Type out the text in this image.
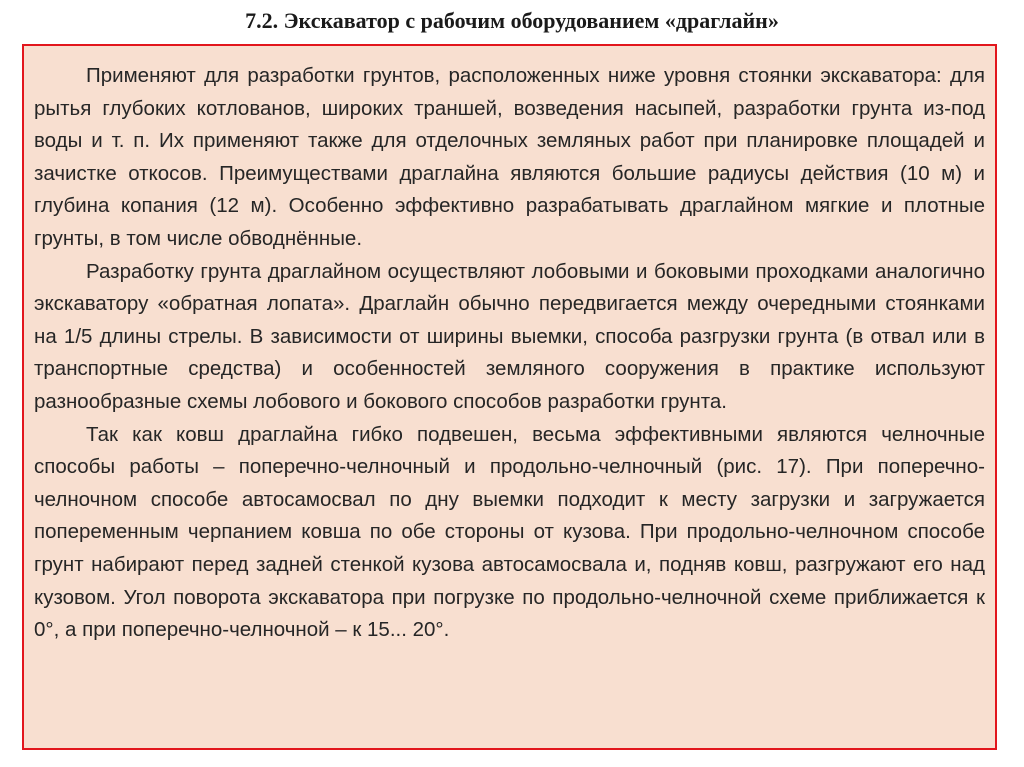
7.2. Экскаватор с рабочим оборудованием «драглайн»

Применяют для разработки грунтов, расположенных ниже уровня стоянки экскаватора: для рытья глубоких котлованов, широких траншей, возведения насыпей, разработки грунта из-под воды и т. п. Их применяют также для отделочных земляных работ при планировке площадей и зачистке откосов. Преимуществами драглайна являются большие радиусы действия (10 м) и глубина копания (12 м). Особенно эффективно разрабатывать драглайном мягкие и плотные грунты, в том числе обводнённые.

Разработку грунта драглайном осуществляют лобовыми и боковыми проходками аналогично экскаватору «обратная лопата». Драглайн обычно передвигается между очередными стоянками на 1/5 длины стрелы. В зависимости от ширины выемки, способа разгрузки грунта (в отвал или в транспортные средства) и особенностей земляного сооружения в практике используют разнообразные схемы лобового и бокового способов разработки грунта.

Так как ковш драглайна гибко подвешен, весьма эффективными являются челночные способы работы – поперечно-челночный и продольно-челночный (рис. 17). При поперечно-челночном способе автосамосвал по дну выемки подходит к месту загрузки и загружается попеременным черпанием ковша по обе стороны от кузова. При продольно-челночном способе грунт набирают перед задней стенкой кузова автосамосвала и, подняв ковш, разгружают его над кузовом. Угол поворота экскаватора при погрузке по продольно-челночной схеме приближается к 0°, а при поперечно-челночной – к 15... 20°.
